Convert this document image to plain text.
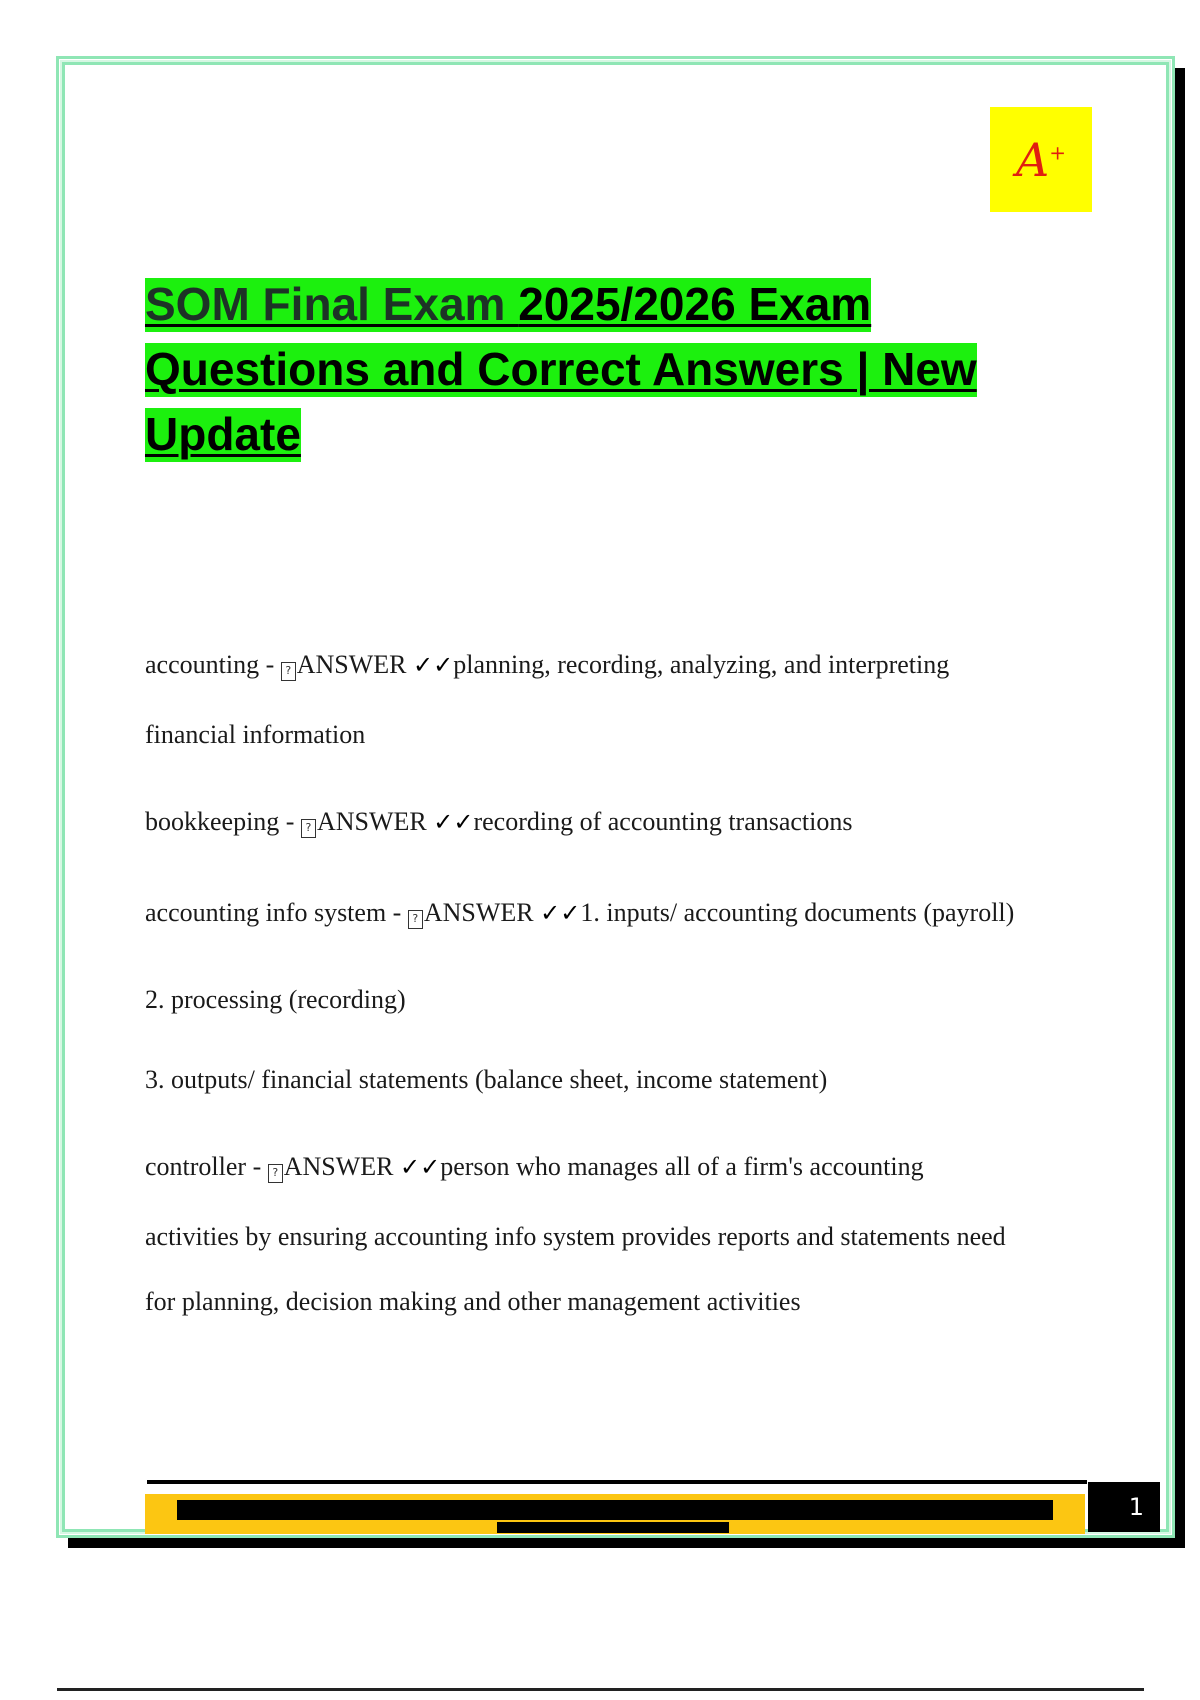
A+
SOM Final Exam 2025/2026 Exam
Questions and Correct Answers | New
Update
accounting - ? ANSWER ✓✓planning, recording, analyzing, and interpreting
financial information
bookkeeping - ? ANSWER ✓✓recording of accounting transactions
accounting info system - ? ANSWER ✓✓1. inputs/ accounting documents (payroll)
2. processing (recording)
3. outputs/ financial statements (balance sheet, income statement)
controller - ? ANSWER ✓✓person who manages all of a firm's accounting
activities by ensuring accounting info system provides reports and statements need
for planning, decision making and other management activities
1
